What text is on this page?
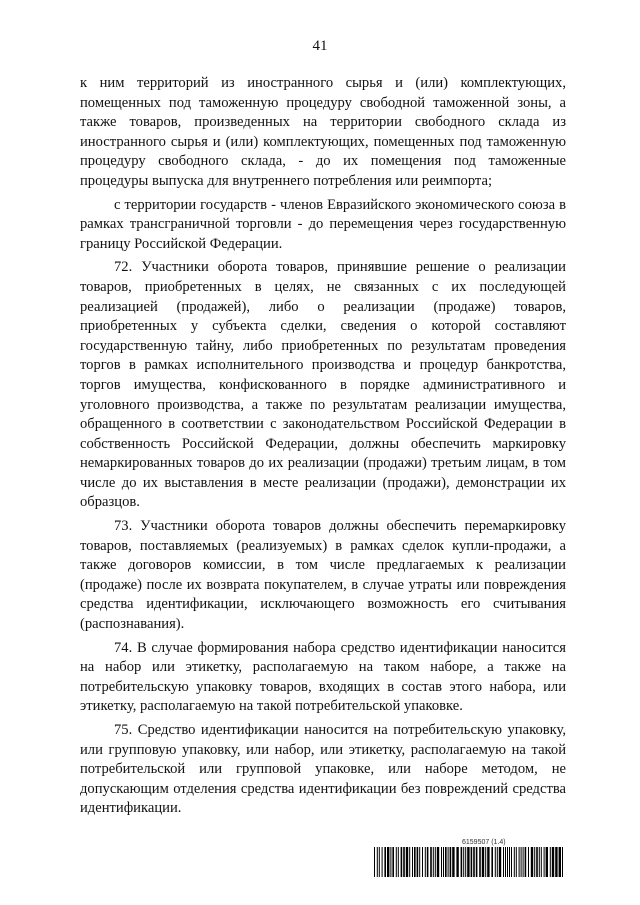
41

к ним территорий из иностранного сырья и (или) комплектующих, помещенных под таможенную процедуру свободной таможенной зоны, а также товаров, произведенных на территории свободного склада из иностранного сырья и (или) комплектующих, помещенных под таможенную процедуру свободного склада, - до их помещения под таможенные процедуры выпуска для внутреннего потребления или реимпорта;

с территории государств - членов Евразийского экономического союза в рамках трансграничной торговли - до перемещения через государственную границу Российской Федерации.

72. Участники оборота товаров, принявшие решение о реализации товаров, приобретенных в целях, не связанных с их последующей реализацией (продажей), либо о реализации (продаже) товаров, приобретенных у субъекта сделки, сведения о которой составляют государственную тайну, либо приобретенных по результатам проведения торгов в рамках исполнительного производства и процедур банкротства, торгов имущества, конфискованного в порядке административного и уголовного производства, а также по результатам реализации имущества, обращенного в соответствии с законодательством Российской Федерации в собственность Российской Федерации, должны обеспечить маркировку немаркированных товаров до их реализации (продажи) третьим лицам, в том числе до их выставления в месте реализации (продажи), демонстрации их образцов.

73. Участники оборота товаров должны обеспечить перемаркировку товаров, поставляемых (реализуемых) в рамках сделок купли-продажи, а также договоров комиссии, в том числе предлагаемых к реализации (продаже) после их возврата покупателем, в случае утраты или повреждения средства идентификации, исключающего возможность его считывания (распознавания).

74. В случае формирования набора средство идентификации наносится на набор или этикетку, располагаемую на таком наборе, а также на потребительскую упаковку товаров, входящих в состав этого набора, или этикетку, располагаемую на такой потребительской упаковке.

75. Средство идентификации наносится на потребительскую упаковку, или групповую упаковку, или набор, или этикетку, располагаемую на такой потребительской или групповой упаковке, или наборе методом, не допускающим отделения средства идентификации без повреждений средства идентификации.

6159507 (1.4)
